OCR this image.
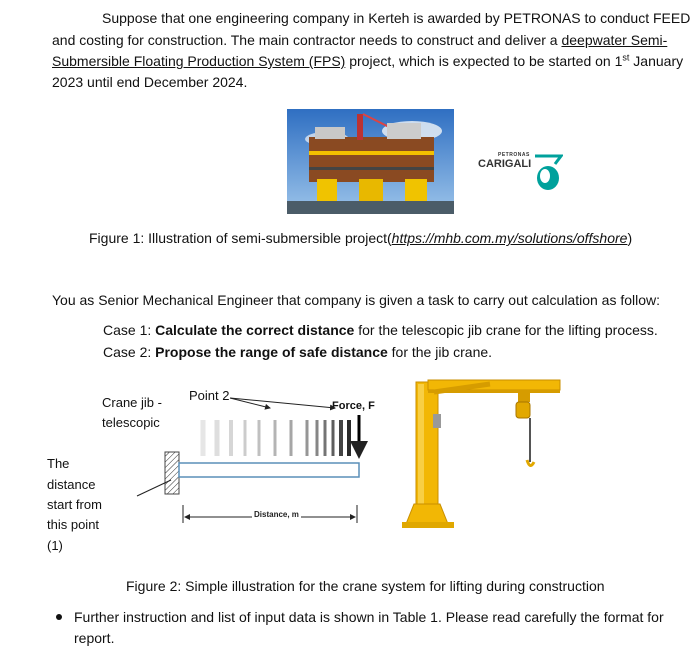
Suppose that one engineering company in Kerteh is awarded by PETRONAS to conduct FEED
and costing for construction. The main contractor needs to construct and deliver a deepwater Semi-
Submersible Floating Production System (FPS) project, which is expected to be started on 1st January
2023 until end December 2024.
PETRONAS
CARIGALI
Figure 1: Illustration of semi-submersible project(https://mhb.com.my/solutions/offshore)
You as Senior Mechanical Engineer that company is given a task to carry out calculation as follow:
Case 1: Calculate the correct distance for the telescopic jib crane for the lifting process.
Case 2: Propose the range of safe distance for the jib crane.
Crane jib -
telescopic
Point 2
Force, F
The
distance
start from
this point
(1)
Distance, m
Figure 2: Simple illustration for the crane system for lifting during construction
Further instruction and list of input data is shown in Table 1. Please read carefully the format for
report.
